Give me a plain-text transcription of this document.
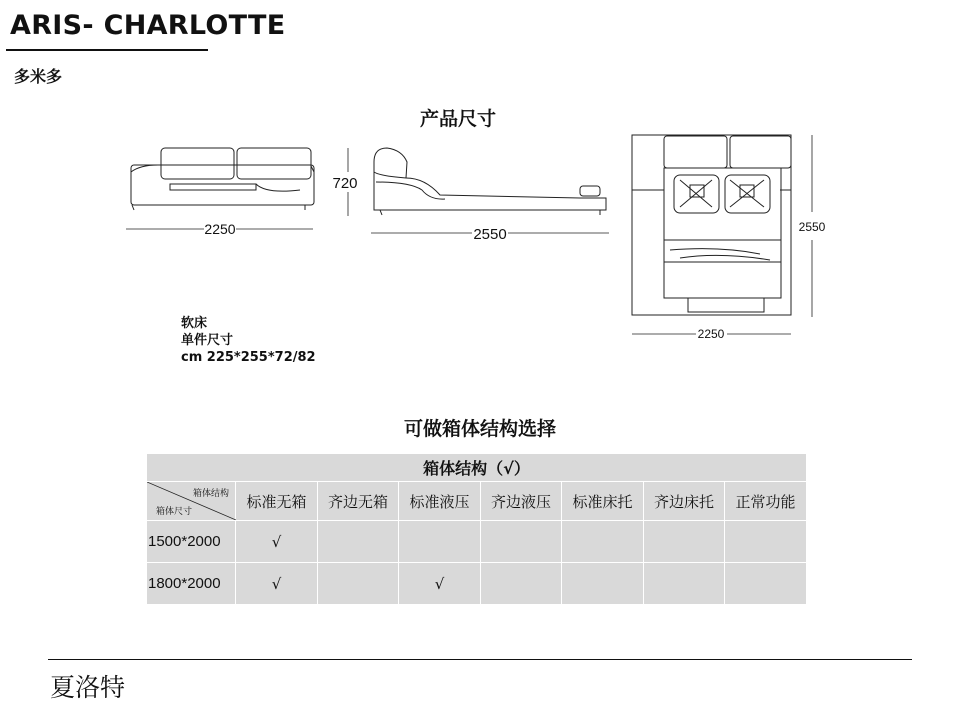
ARIS- CHARLOTTE
多米多
产品尺寸
2250
720
2550	2550
2250
软床
单件尺寸
cm 225*255*72/82
可做箱体结构选择
箱体结构（√）							

箱体结构
箱体尺寸	标准无箱	齐边无箱	标准液压	齐边液压	标准床托	齐边床托	正常功能
1500*2000	√						
1800*2000	√		√				
夏洛特
